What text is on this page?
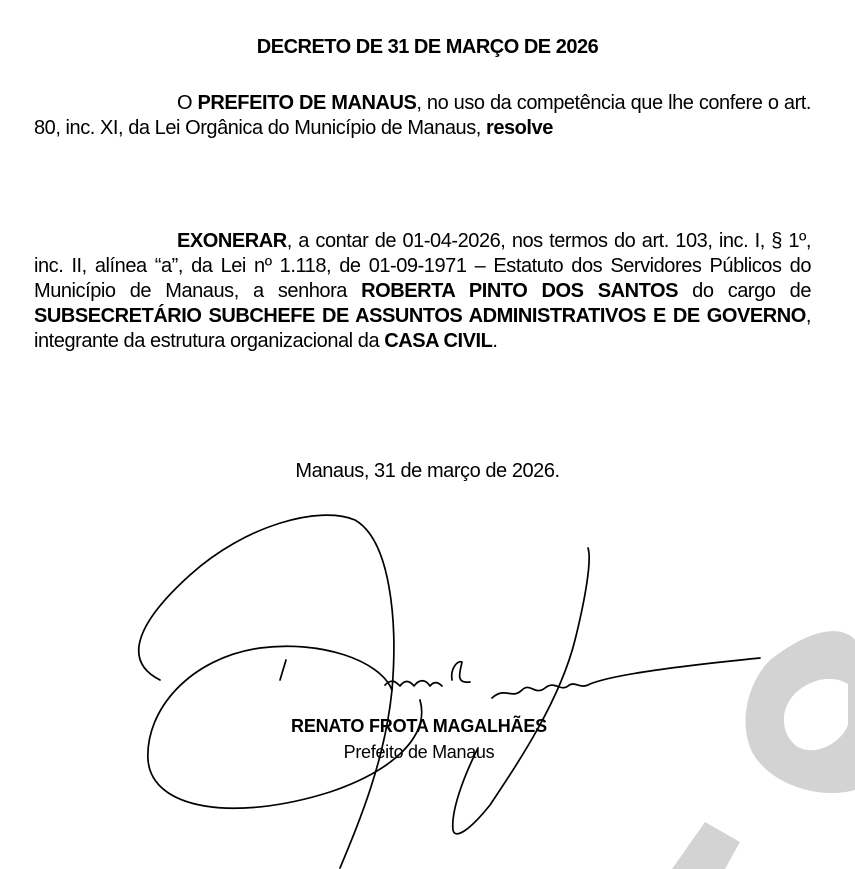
DECRETO DE 31 DE MARÇO DE 2026
O PREFEITO DE MANAUS, no uso da competência que lhe confere o art. 80, inc. XI, da Lei Orgânica do Município de Manaus, resolve
EXONERAR, a contar de 01-04-2026, nos termos do art. 103, inc. I, § 1º, inc. II, alínea “a”, da Lei nº 1.118, de 01-09-1971 – Estatuto dos Servidores Públicos do Município de Manaus, a senhora ROBERTA PINTO DOS SANTOS do cargo de SUBSECRETÁRIO SUBCHEFE DE ASSUNTOS ADMINISTRATIVOS E DE GOVERNO, integrante da estrutura organizacional da CASA CIVIL.
Manaus, 31 de março de 2026.
RENATO FROTA MAGALHÃES
Prefeito de Manaus
